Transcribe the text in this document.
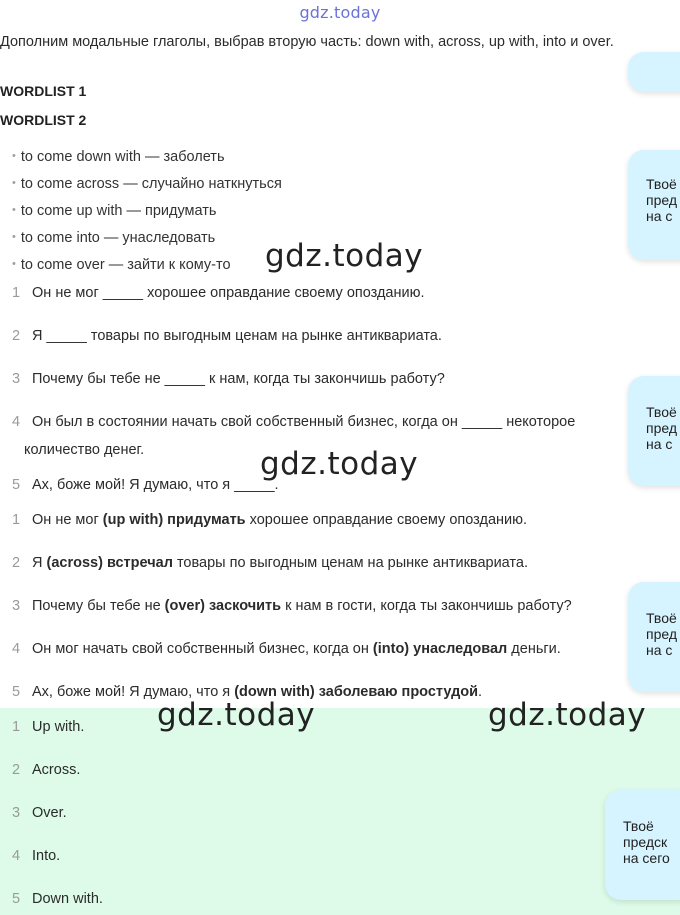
gdz.today
Дополним модальные глаголы, выбрав вторую часть: down with, across, up with, into и over.
WORDLIST 1
WORDLIST 2
• to come down with — заболеть
• to come across — случайно наткнуться
• to come up with — придумать
• to come into — унаследовать
• to come over — зайти к кому-то
1 Он не мог _____ хорошее оправдание своему опозданию.
2 Я _____ товары по выгодным ценам на рынке антиквариата.
3 Почему бы тебе не _____ к нам, когда ты закончишь работу?
4 Он был в состоянии начать свой собственный бизнес, когда он _____ некоторое
количество денег.
5 Ах, боже мой! Я думаю, что я _____.
1 Он не мог (up with) придумать хорошее оправдание своему опозданию.
2 Я (across) встречал товары по выгодным ценам на рынке антиквариата.
3 Почему бы тебе не (over) заскочить к нам в гости, когда ты закончишь работу?
4 Он мог начать свой собственный бизнес, когда он (into) унаследовал деньги.
5 Ах, боже мой! Я думаю, что я (down with) заболеваю простудой.
1 Up with.
2 Across.
3 Over.
4 Into.
5 Down with.
gdz.today
gdz.today
gdz.today	gdz.today
Твоё
пред
на с
Твоё
пред
на с
Твоё
пред
на с
Твоё
предск
на сего
